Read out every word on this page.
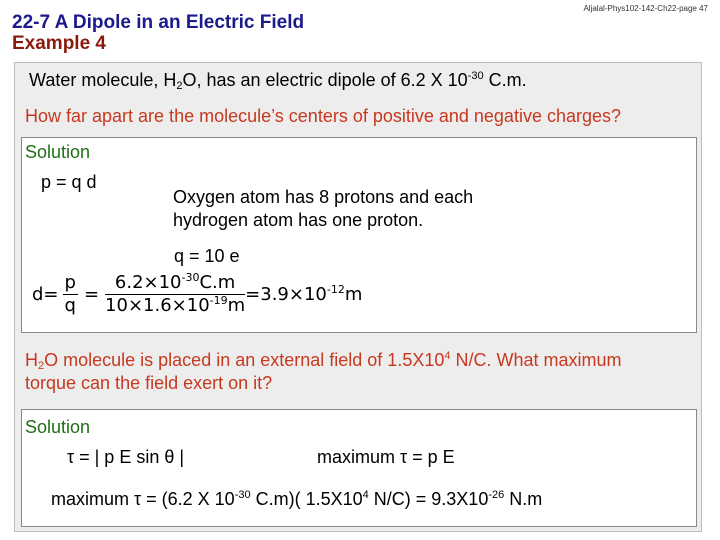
22-7 A Dipole in an Electric Field
Example 4
Aljalal-Phys102-142-Ch22-page 47
Water molecule, $H_2O$, has an electric dipole of 6.2 X $10^{-30}$ C.m.
How far apart are the molecule’s centers of positive and negative charges?
Solution
p = q d
Oxygen atom has 8 protons and each
hydrogen atom has one proton.
q = 10 e
$d= \frac{p}{q} = \frac{6.2\times 10^{-30}C.m}{10\times 1.6\times 10^{-19}m} =3.9\times 10^{-12}m$
$H_2O$ molecule is placed in an external field of $1.5X10^4$ N/C. What maximum
torque can the field exert on it?
Solution
τ = | p E sin θ |	maximum τ = p E
maximum τ = (6.2 X $10^{-30}$ C.m)( $1.5X10^4$ $N/C) = 9.3X10^{-26}$ N.m
